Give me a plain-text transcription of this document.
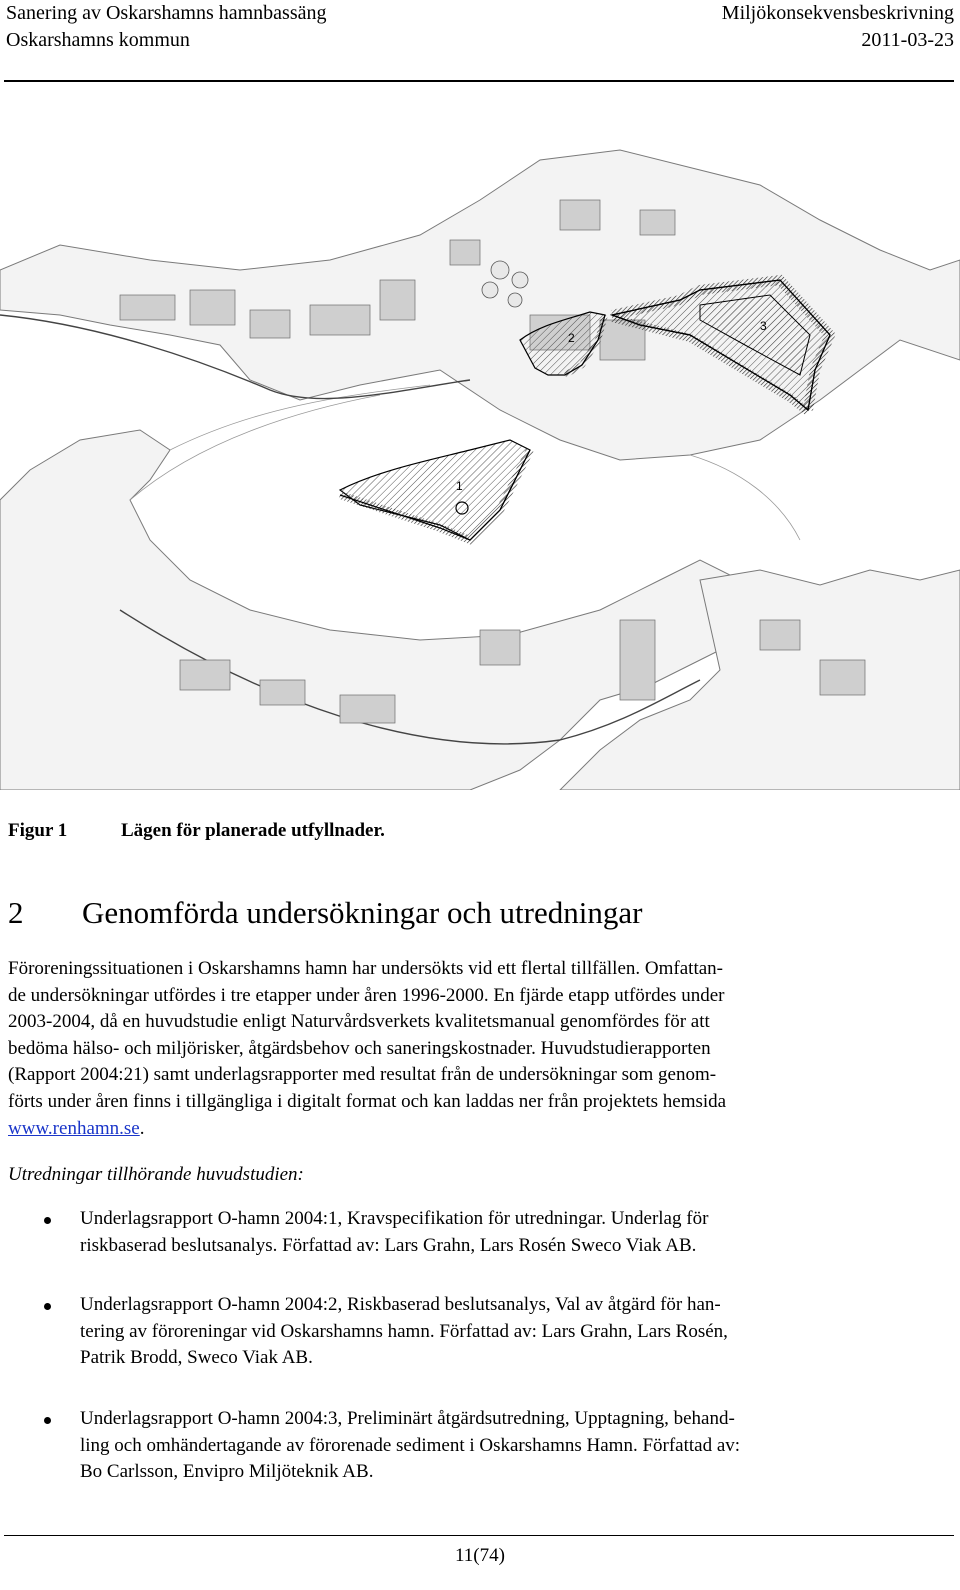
Sanering av Oskarshamns hamnbassäng
Oskarshamns kommun
Miljökonsekvensbeskrivning
2011-03-23
1
2
3
Figur 1	Lägen för planerade utfyllnader.
2 Genomförda undersökningar och utredningar
Föroreningssituationen i Oskarshamns hamn har undersökts vid ett flertal tillfällen. Omfattan-
de undersökningar utfördes i tre etapper under åren 1996-2000. En fjärde etapp utfördes under
2003-2004, då en huvudstudie enligt Naturvårdsverkets kvalitetsmanual genomfördes för att
bedöma hälso- och miljörisker, åtgärdsbehov och saneringskostnader. Huvudstudierapporten
(Rapport 2004:21) samt underlagsrapporter med resultat från de undersökningar som genom-
förts under åren finns i tillgängliga i digitalt format och kan laddas ner från projektets hemsida
www.renhamn.se.
Utredningar tillhörande huvudstudien:
Underlagsrapport O-hamn 2004:1, Kravspecifikation för utredningar. Underlag för
riskbaserad beslutsanalys. Författad av: Lars Grahn, Lars Rosén Sweco Viak AB.
Underlagsrapport O-hamn 2004:2, Riskbaserad beslutsanalys, Val av åtgärd för han-
tering av föroreningar vid Oskarshamns hamn. Författad av: Lars Grahn, Lars Rosén,
Patrik Brodd, Sweco Viak AB.
Underlagsrapport O-hamn 2004:3, Preliminärt åtgärdsutredning, Upptagning, behand-
ling och omhändertagande av förorenade sediment i Oskarshamns Hamn. Författad av:
Bo Carlsson, Envipro Miljöteknik AB.
11(74)
